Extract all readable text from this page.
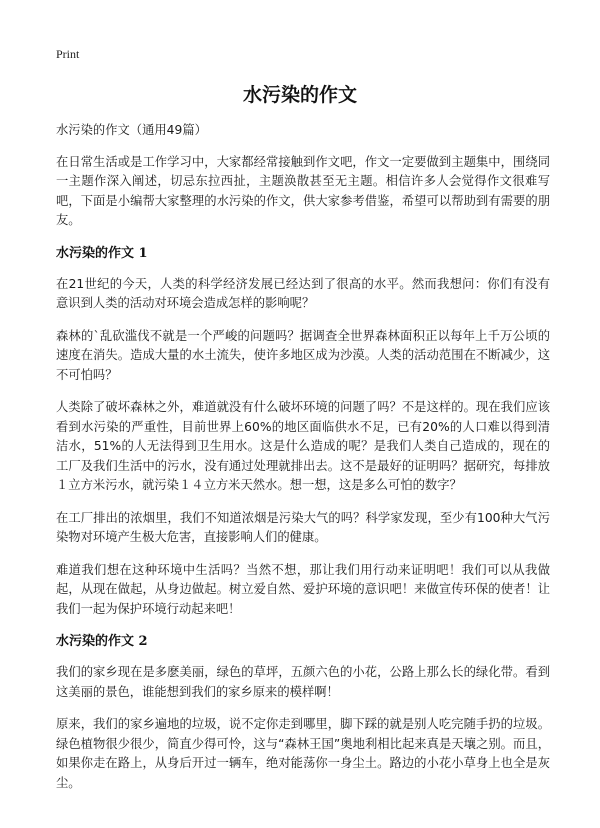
Print
水污染的作文

水污染的作文（通用49篇）

在日常生活或是工作学习中，大家都经常接触到作文吧，作文一定要做到主题集中，围绕同一主题作深入阐述，切忌东拉西扯，主题涣散甚至无主题。相信许多人会觉得作文很难写吧，下面是小编帮大家整理的水污染的作文，供大家参考借鉴，希望可以帮助到有需要的朋友。

水污染的作文 1

在21世纪的今天，人类的科学经济发展已经达到了很高的水平。然而我想问：你们有没有意识到人类的活动对环境会造成怎样的影响呢？

森林的`乱砍滥伐不就是一个严峻的问题吗？据调查全世界森林面积正以每年上千万公顷的速度在消失。造成大量的水土流失，使许多地区成为沙漠。人类的活动范围在不断减少，这不可怕吗？

人类除了破坏森林之外，难道就没有什么破坏环境的问题了吗？不是这样的。现在我们应该看到水污染的严重性，目前世界上60%的地区面临供水不足，已有20%的人口难以得到清洁水，51%的人无法得到卫生用水。这是什么造成的呢？是我们人类自己造成的，现在的工厂及我们生活中的污水，没有通过处理就排出去。这不是最好的证明吗？据研究，每排放１立方米污水，就污染１４立方米天然水。想一想，这是多么可怕的数字？

在工厂排出的浓烟里，我们不知道浓烟是污染大气的吗？科学家发现，至少有100种大气污染物对环境产生极大危害，直接影响人们的健康。

难道我们想在这种环境中生活吗？当然不想，那让我们用行动来证明吧！我们可以从我做起，从现在做起，从身边做起。树立爱自然、爱护环境的意识吧！来做宣传环保的使者！让我们一起为保护环境行动起来吧！

水污染的作文 2

我们的家乡现在是多麽美丽，绿色的草坪，五颜六色的小花，公路上那么长的绿化带。看到这美丽的景色，谁能想到我们的家乡原来的模样啊！

原来，我们的家乡遍地的垃圾，说不定你走到哪里，脚下踩的就是别人吃完随手扔的垃圾。绿色植物很少很少，简直少得可怜，这与“森林王国”奥地利相比起来真是天壤之别。而且，如果你走在路上，从身后开过一辆车，绝对能荡你一身尘土。路边的小花小草身上也全是灰尘。
